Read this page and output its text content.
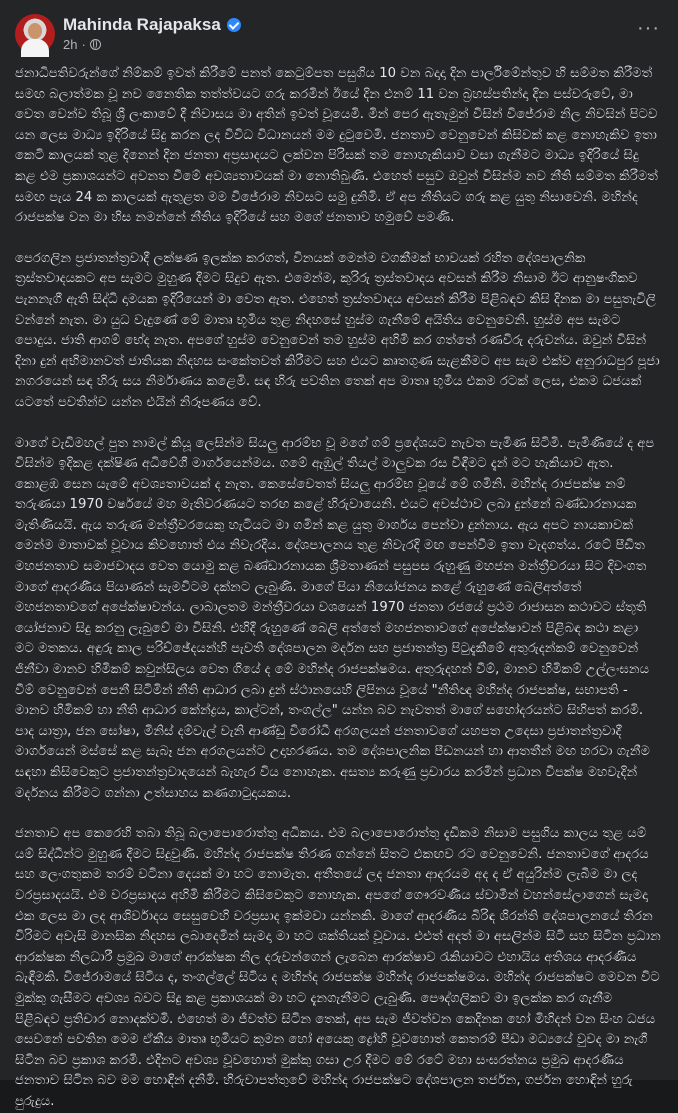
Mahinda Rajapaksa
2h ·
···

ජනාධිපතිවරුන්ගේ නිම්කම් ඉවත් කිරීමේ පනත් කෙටුම්පත පසුගිය 10 වන බදාදා දින පාර්ලිමේන්තුව හි සම්මත කිරීමත් සමඟ බලාත්මක වූ නව නෛතික තත්ත්වයට ගරු කරමින් ඊයේ දින එනම් 11 වන බ්‍රහස්පතින්දා දින පස්වරුවේ, මා වෙත වෙන්ව තිබූ ශ්‍රී ලංකාවේ දී නිවාසය මා අතින් ඉවත් වූයෙමි. මින් පෙර ඇතැමුන් විසින් විජේරාම නිල නිවසින් පිටව යන ලෙස මාධ්‍ය ඉදිරියේ සිදු කරන ලද විවිධ විධානයන් මම දුටුවෙමි. ජනතාව වෙනුවෙන් කිසිවක් කළ නොහැකිව ඉතා කෙටි කාලයක් තුළ දිනෙන් දින ජනතා අප්‍රසාදයට ලක්වන පිරිසක් තම නොහැකියාව වසා ගැනීමට මාධ්‍ය ඉදිරියේ සිදු කළ එම ප්‍රකාශයන්ට අවනත වීමේ අවශ්‍යතාවයක් මා නොතිබුණි. එහෙත් පසුව ඔවුන් විසින්ම නව නීති සම්මත කිරීමත් සමඟ පැය 24 ක කාලයක් ඇතුළත මම විජේරාම නිවසට සමු දුනිමි. ඒ අප නීතියට ගරු කළ යුතු නිසාවෙනි. මහින්ද රාජපක්ෂ වන මා හිස නමන්නේ නීතිය ඉදිරියේ සහ මගේ ජනතාව හමුවේ පමණි.

පෙරගලින ප්‍රජාතන්ත්‍රවාදී ලක්ෂණ ඉලක්ක කරගත්, විනයක් මෙන්ම වගකීමක් භාවයක් රහිත දේශපාලනික ත්‍රස්තවාදයකට අප සැමට මුහුණ දීමට සිදුව ඇත. එමෙන්ම, කුරිරු ත්‍රස්තවාදය අවසන් කිරීම නිසාම ඊට ආනුෂංගිකව පැනනැගී ඇති සිද්ධි දාමයක ඉදිරියෙන් මා වෙත ඇත. එහෙත් ත්‍රස්තවාදය අවසන් කිරීම පිළිබඳව කිසි දිනක මා පසුතැවිලි වන්නේ නැත. මා යුධ වැදුණේ මේ මාතෘ භූමිය තුළ නිදහසේ හුස්ම ගැනීමේ අයිතිය වෙනුවෙනි. හුස්ම අප සැමට පොදුය. ජාති ආගම් භේද නැත. අපගේ හුස්ම වෙනුවෙන් තම හුස්ම අහිමි කර ගත්තේ රණවිරු දරුවන්ය. ඔවුන් විසින් දිනා දුන් අභිමානවත් ජාතියක නිදහස සංකේතවත් කිරීමට සහ එයට කෘතගුණ සැළකීමට අප සැම එක්ව අනුරාධපුර පූජා නගරයෙන් සඳ හිරු සය නිර්මාණය කළෙමි. සඳ හිරු පවතින තෙක් අප මාතෘ භූමිය එකම රටක් ලෙස, එකම ධජයක් යටතේ පවතින්ව යන්න එයින් නිරූපණය වේ.

මාගේ වැඩිමහල් පුත නාමල් කියූ ලෙසින්ම සියලු ආරම්භ වූ මගේ ගම් ප්‍රදේශයට නැවත පැමිණ සිටිමි. පැමිණියේ ද අප විසින්ම ඉදිකළ දක්ෂිණ අධිවේගී මාර්ගයෙන්මය. ගමේ ඇඹුල් තියල් මාලුවක රස විඳීමට දැන් මට හැකියාව ඇත. කොළඹ සෙන යැමේ අවශ්‍යතාවයක් ද නැත. කෙසේවෙතත් සියලු ආරම්භ වූයේ මේ ගමිනි. මහින්ද රාජපක්ෂ නම් තරුණයා 1970 වර්ෂයේ මහ මැතිවරණයට තරඟ කළේ හිරුවායෙනි. එයට අවස්ථාව ලබා දුන්නේ බණ්ඩාරනායක මැතිණියයි. ඇය තරුණ මන්ත්‍රීවරයෙකු හැටියට මා ගමින් කළ යුතු මාර්ගය පෙන්වා දුන්නාය. ඇය අපට නායකාවක් මෙන්ම මාතාවක් වූවාය කිවහොත් එය නිවැරදිය. දේශපාලනය තුළ නිවැරදි මඟ පෙන්වීම ඉතා වැදගත්ය. රටේ පීඩිත මහජනතාව සමාජවාදය වෙත යොමු කළ බණ්ඩාරනායක ශ්‍රීමතාණන් පසුපස රුහුණු මහජන මන්ත්‍රීවරයා සිට දිවංගත මාගේ ආදරණීය පියාණන් සැමවිටම දක්නට ලැබුණි. මාගේ පියා නියෝජනය කළේ රුහුණේ බෙලිඅත්තේ මහජනතාවගේ අපේක්ෂාවන්ය. ලාබාලතම මන්ත්‍රීවරයා වශයෙන් 1970 ජනතා රජයේ ප්‍රථම රාජාසන කථාවට ස්තූති යෝජනාව සිදු කරනු ලැබුවේ මා විසිනි. එහිදී රුහුණේ බෙලි අත්තේ මහජනතාවගේ අපේක්ෂාවන් පිළිබඳ කථා කළා මට මතකය. අඳුරු කාල පරිච්ඡේදයන්හි පැවති දේශපාලන මර්දන සහ ප්‍රජාතන්ත්‍ර පිටුදැකීමේ අතුරුදන්කම් වෙනුවෙන් ජිනීවා මානව හිමිකම් කවුන්සිලය වෙත ගියේ ද මේ මහින්ද රාජපක්ෂමය. අතුරුදහන් වීම්, මානව හිමිකම් උල්ලංඝනය වීම් වෙනුවෙන් පෙනී සිටිමින් නීති ආධාර ලබා දුන් ස්ථානයෙහි ලිපිනය වූයේ "නීතිඥ මහින්ද රාජපක්ෂ, සභාපති - මානව හිමිකම් හා නීති ආධාර කේන්ද්‍රය, කාල්ටන්, තංගල්ල" යන්න බව නැවතත් මාගේ සහෝදරයන්ට සිහිපත් කරමි. පාද යාත්‍රා, ජන ඝෝෂා, මිනිස් දම්වැල් වැනි ආණ්ඩු විරෝධී අරගලයන් ජනතාවගේ යහපත උදෙසා ප්‍රජාතන්ත්‍රවාදී මාර්ගයෙන් මස්සේ කළ සැබෑ ජන අරගලයන්ට උදාහරණය. තම දේශපාලනික පීඩනයන් හා ආතතීන් මඟ හරවා ගැනීම සඳහා කිසිවෙකුට ප්‍රජාතන්ත්‍රවාදයෙන් බැහැර විය නොහැක. අසත්‍ය කරුණු ප්‍රචාරය කරමින් ප්‍රධාන විපක්ෂ මහවැදින් මර්දනය කිරීමට ගන්නා උත්සාහය කණගාටුදායකය.

ජනතාව අප කෙරෙහි තබා තිබූ බලාපොරොත්තු අධිකය. එම බලාපොරොත්තු දැඩිකම නිසාම පසුගිය කාලය තුළ යම් යම් සිද්ධීන්ට මුහුණ දීමට සිදුවුණි. මහින්ද රාජපක්ෂ තිරණ ගන්නේ සිතට එකඟව රට වෙනුවෙනි. ජනතාවගේ ආදරය සහ ලෙංගතුකම තරම් වටිනා දෙයක් මා හට නොමැත. අතීතයේ ලද ජනතා ආදරයම අද ද ඒ අයුරින්ම ලැබීම මා ලද වරප්‍රසාදයයි. එම වරප්‍රසාදය අහිමි කිරීමට කිසිවෙකුට නොහැක. අපගේ ගෞරවණීය ස්වාමීන් වහන්සේලාගෙන් සැමදා එක ලෙස මා ලද ආශිර්වාදය සෙසුවෙහි වරප්‍රසාද ඉක්මවා යන්නකි. මාගේ ආදරණීය බිරිඳ ශිරන්ති දේශපාලනයේ තිරන විරිමට අවැසි මානසික නිදහස ලබාදෙමින් සැමදා මා හට ශක්තියක් වූවාය. එළුත් අදත් මා අසලින්ම සිටි සහ සිටින ප්‍රධාන ආරක්ෂක නිලධාරී ප්‍රමුඛ මාගේ ආරක්ෂක නිල දරුවන්ගෙන් ලැබෙන ආරක්ෂාව රැකියාවට එහායිය අතිශය ආදරණීය බැඳීමකි. විජේරාමයේ සිටිය ද, තංගල්ලේ සිටිය ද මහින්ද රාජපක්ෂ මහින්ද රාජපක්ෂමය. මහින්ද රාජපක්ෂට මෙවන විට මුක්කු ගැසීමට අවශ්‍ය බවට සිදු කළ ප්‍රකාශයක් මා හට දැනගැනීමට ලැබුණි. පෞද්ගලිකව මා ඉලක්ක කර ගැනීම පිළිබඳව ප්‍රතිචාර නොදක්වමි. එහෙත් මා ජීවත්ව සිටින තෙක්, අප සැම ජීවත්වන කෙදිනක හෝ මිහිදන් වන සිංහ ධජය සෙවනේ පවතින මෙම ඒකීය මාතෘ භූමියට කුමන හෝ අයෙකු ද්‍රෝහී වූවහොත් කෙතරම් පීඩා මධ්‍යයේ වුවද මා නැගී සිටින බව ප්‍රකාශ කරමි. එදිනට අවශ්‍ය වූවහොත් මුක්කු ගසා උර දීමට මේ රටේ මහා සංඝරත්නය ප්‍රමුඛ ආදරණීය ජනතාව සිටින බව මම හොඳින් දනිමි. හිරුවාපත්තුවේ මහින්ද රාජපක්ෂට දේශපාලන තර්ජන, ගර්ජන හොඳින් හුරු පුරුදුය.
